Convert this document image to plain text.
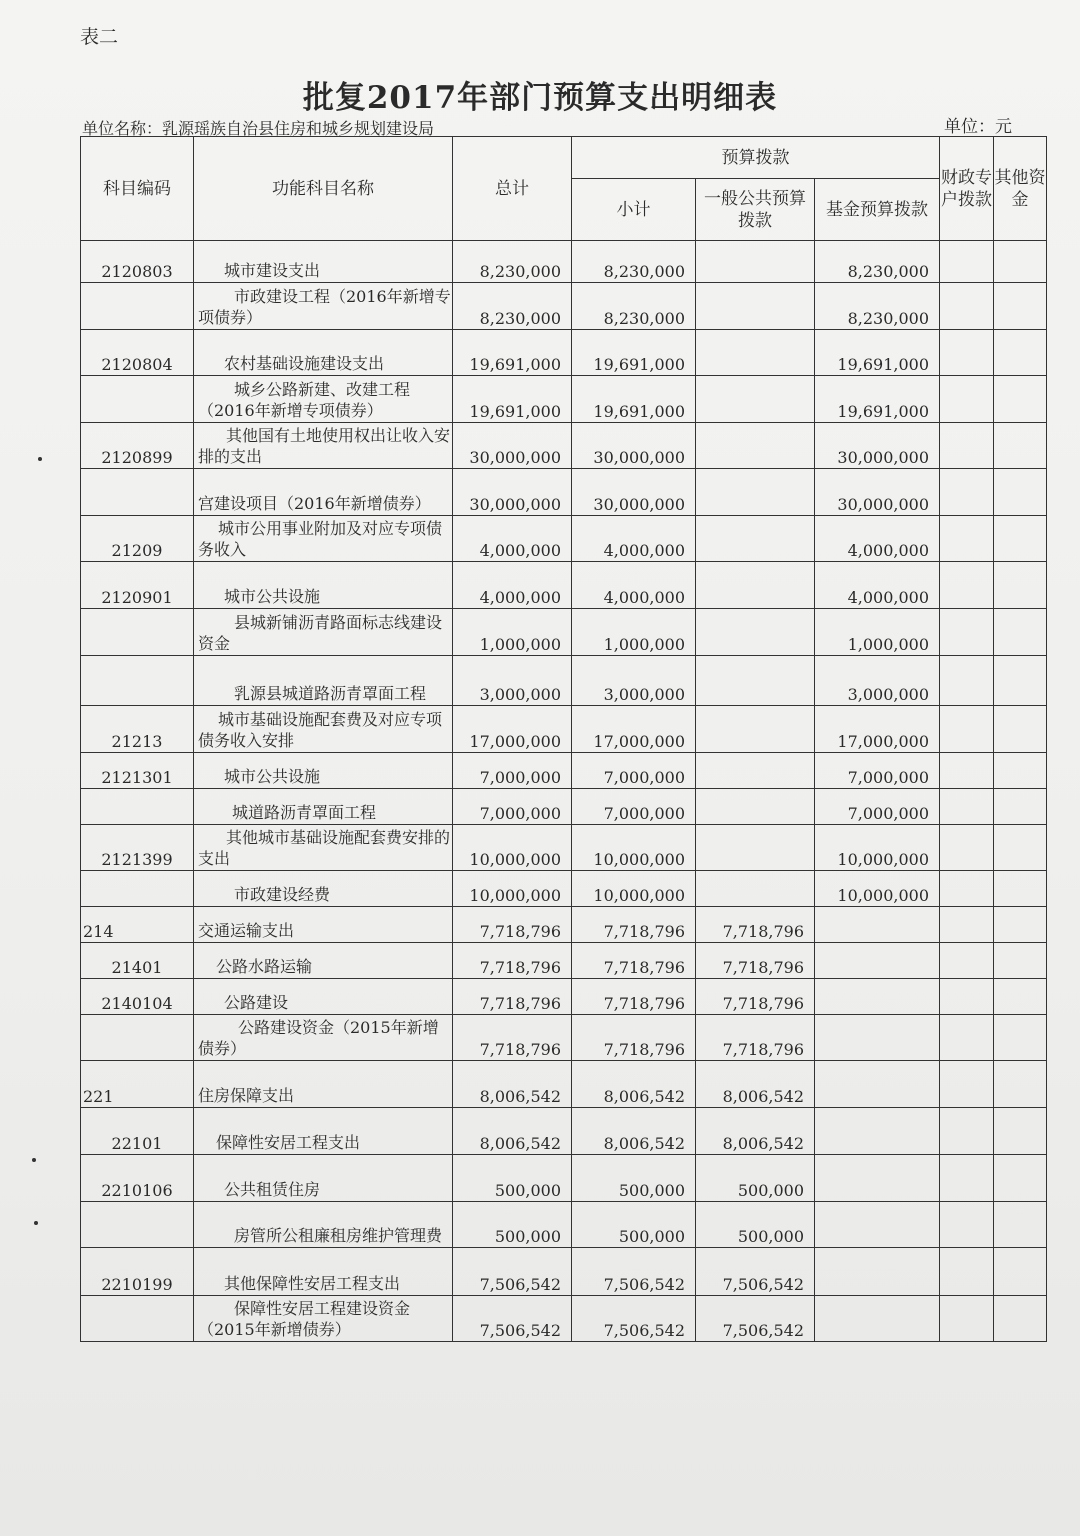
表二
批复2017年部门预算支出明细表
单位名称：乳源瑶族自治县住房和城乡规划建设局	单位：元
科目编码	功能科目名称	总计	预算拨款			财政专户拨款	其他资金
			小计	一般公共预算拨款	基金预算拨款		
2120803	城市建设支出	8,230,000	8,230,000		8,230,000		
	市政建设工程（2016年新增专项债券）	8,230,000	8,230,000		8,230,000		
2120804	农村基础设施建设支出	19,691,000	19,691,000		19,691,000		
	城乡公路新建、改建工程（2016年新增专项债券）	19,691,000	19,691,000		19,691,000		
2120899	其他国有土地使用权出让收入安排的支出	30,000,000	30,000,000		30,000,000		
	宫建设项目（2016年新增债券）	30,000,000	30,000,000		30,000,000		
21209	城市公用事业附加及对应专项债务收入	4,000,000	4,000,000		4,000,000		
2120901	城市公共设施	4,000,000	4,000,000		4,000,000		
	县城新铺沥青路面标志线建设资金	1,000,000	1,000,000		1,000,000		
	乳源县城道路沥青罩面工程	3,000,000	3,000,000		3,000,000		
21213	城市基础设施配套费及对应专项债务收入安排	17,000,000	17,000,000		17,000,000		
2121301	城市公共设施	7,000,000	7,000,000		7,000,000		
	城道路沥青罩面工程	7,000,000	7,000,000		7,000,000		
2121399	其他城市基础设施配套费安排的支出	10,000,000	10,000,000		10,000,000		
	市政建设经费	10,000,000	10,000,000		10,000,000		
214	交通运输支出	7,718,796	7,718,796	7,718,796			
21401	公路水路运输	7,718,796	7,718,796	7,718,796			
2140104	公路建设	7,718,796	7,718,796	7,718,796			
	公路建设资金（2015年新增债券）	7,718,796	7,718,796	7,718,796			
221	住房保障支出	8,006,542	8,006,542	8,006,542			
22101	保障性安居工程支出	8,006,542	8,006,542	8,006,542			
2210106	公共租赁住房	500,000	500,000	500,000			
	房管所公租廉租房维护管理费	500,000	500,000	500,000			
2210199	其他保障性安居工程支出	7,506,542	7,506,542	7,506,542			
	保障性安居工程建设资金（2015年新增债券）	7,506,542	7,506,542	7,506,542			
